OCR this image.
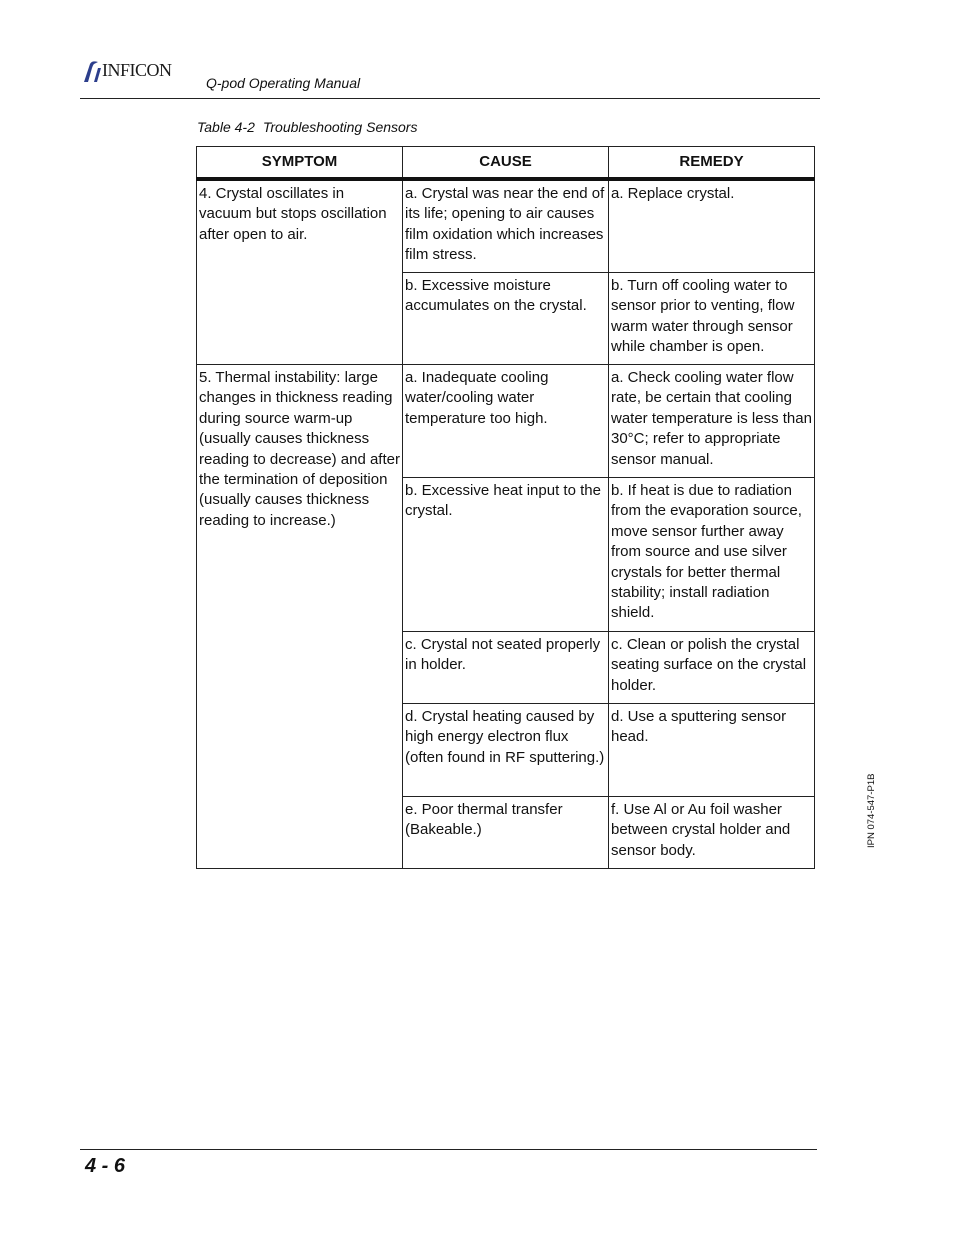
INFICON
Q-pod Operating Manual
Table 4-2 Troubleshooting Sensors
SYMPTOM	CAUSE	REMEDY
4. Crystal oscillates in vacuum but stops oscillation after open to air.	a. Crystal was near the end of its life; opening to air causes film oxidation which increases film stress.	a. Replace crystal.
	b. Excessive moisture accumulates on the crystal.	b. Turn off cooling water to sensor prior to venting, flow warm water through sensor while chamber is open.
5. Thermal instability: large changes in thickness reading during source warm-up (usually causes thickness reading to decrease) and after the termination of deposition (usually causes thickness reading to increase.)	a. Inadequate cooling water/cooling water temperature too high.	a. Check cooling water flow rate, be certain that cooling water temperature is less than 30°C; refer to appropriate sensor manual.
	b. Excessive heat input to the crystal.	b. If heat is due to radiation from the evaporation source, move sensor further away from source and use silver crystals for better thermal stability; install radiation shield.
	c. Crystal not seated properly in holder.	c. Clean or polish the crystal seating surface on the crystal holder.
	d. Crystal heating caused by high energy electron flux (often found in RF sputtering.)	d. Use a sputtering sensor head.
	e. Poor thermal transfer (Bakeable.)	f. Use Al or Au foil washer between crystal holder and sensor body.
IPN 074-547-P1B
4 - 6
